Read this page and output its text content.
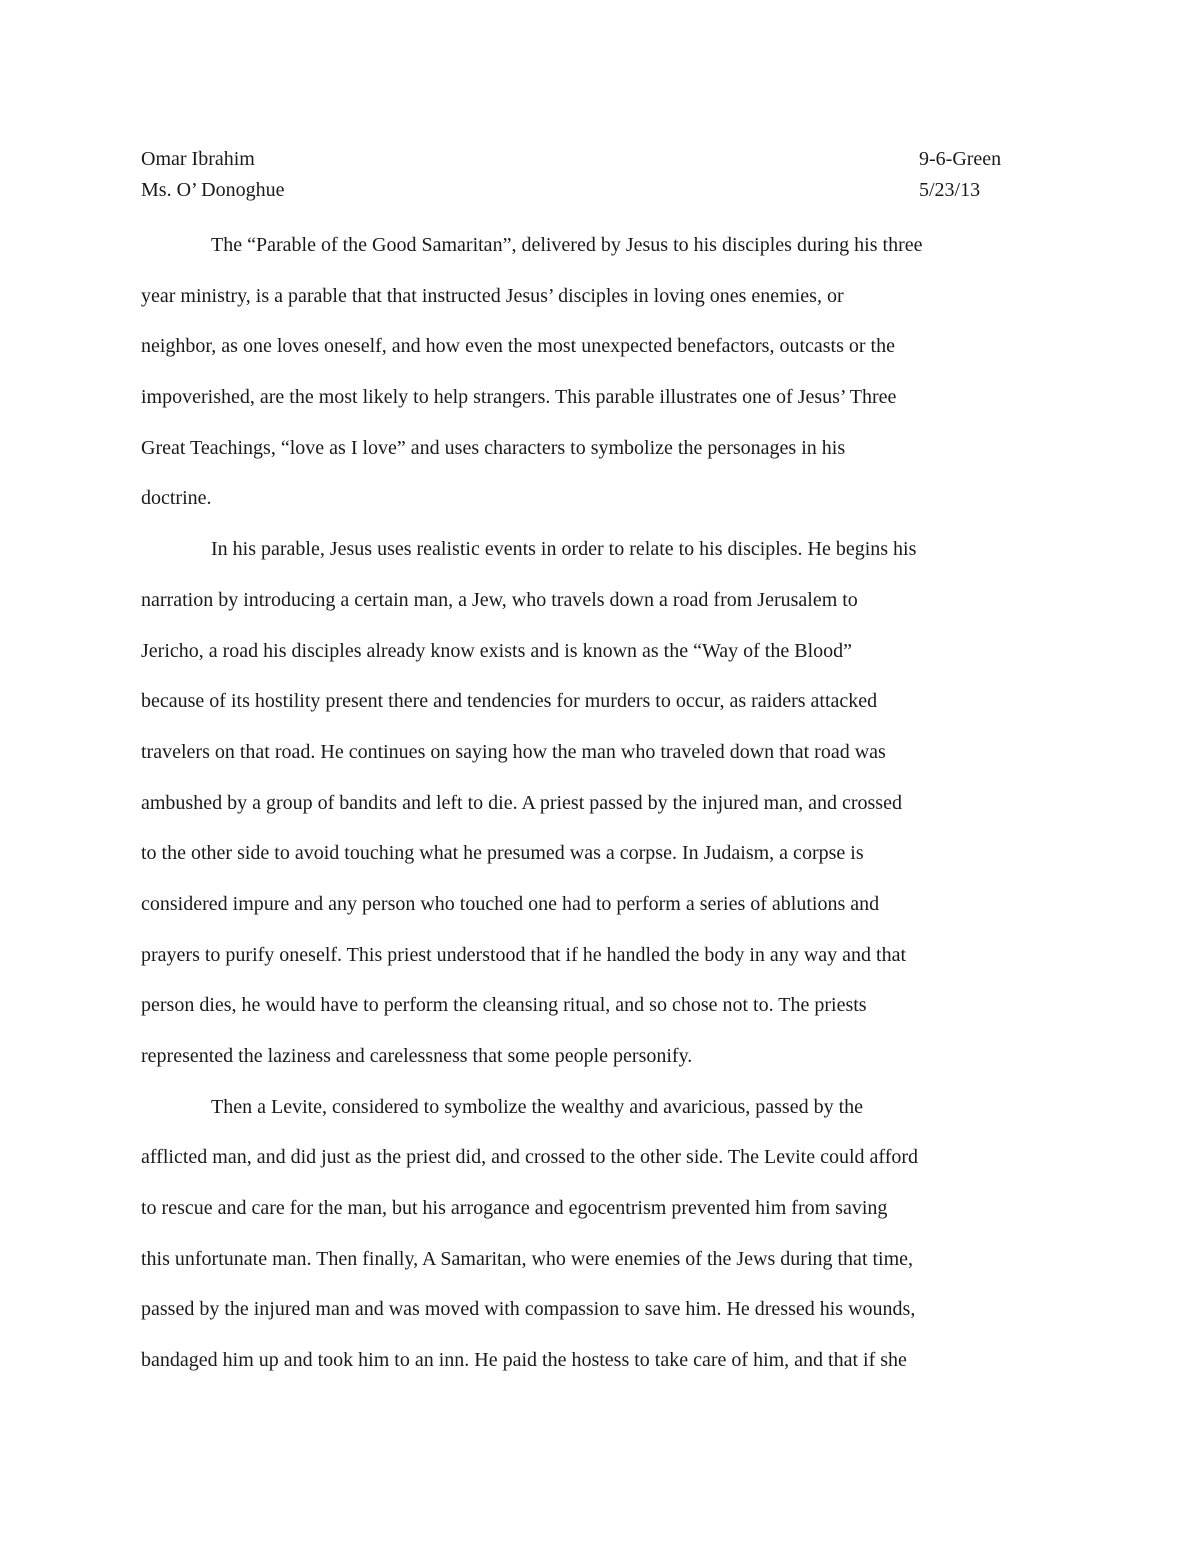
Omar Ibrahim	9-6-Green
Ms. O’ Donoghue	5/23/13
The “Parable of the Good Samaritan”, delivered by Jesus to his disciples during his three
year ministry, is a parable that that instructed Jesus’ disciples in loving ones enemies, or
neighbor, as one loves oneself, and how even the most unexpected benefactors, outcasts or the
impoverished, are the most likely to help strangers. This parable illustrates one of Jesus’ Three
Great Teachings, “love as I love” and uses characters to symbolize the personages in his
doctrine.
In his parable, Jesus uses realistic events in order to relate to his disciples. He begins his
narration by introducing a certain man, a Jew, who travels down a road from Jerusalem to
Jericho, a road his disciples already know exists and is known as the “Way of the Blood”
because of its hostility present there and tendencies for murders to occur, as raiders attacked
travelers on that road. He continues on saying how the man who traveled down that road was
ambushed by a group of bandits and left to die. A priest passed by the injured man, and crossed
to the other side to avoid touching what he presumed was a corpse. In Judaism, a corpse is
considered impure and any person who touched one had to perform a series of ablutions and
prayers to purify oneself. This priest understood that if he handled the body in any way and that
person dies, he would have to perform the cleansing ritual, and so chose not to. The priests
represented the laziness and carelessness that some people personify.
Then a Levite, considered to symbolize the wealthy and avaricious, passed by the
afflicted man, and did just as the priest did, and crossed to the other side. The Levite could afford
to rescue and care for the man, but his arrogance and egocentrism prevented him from saving
this unfortunate man. Then finally, A Samaritan, who were enemies of the Jews during that time,
passed by the injured man and was moved with compassion to save him. He dressed his wounds,
bandaged him up and took him to an inn. He paid the hostess to take care of him, and that if she
